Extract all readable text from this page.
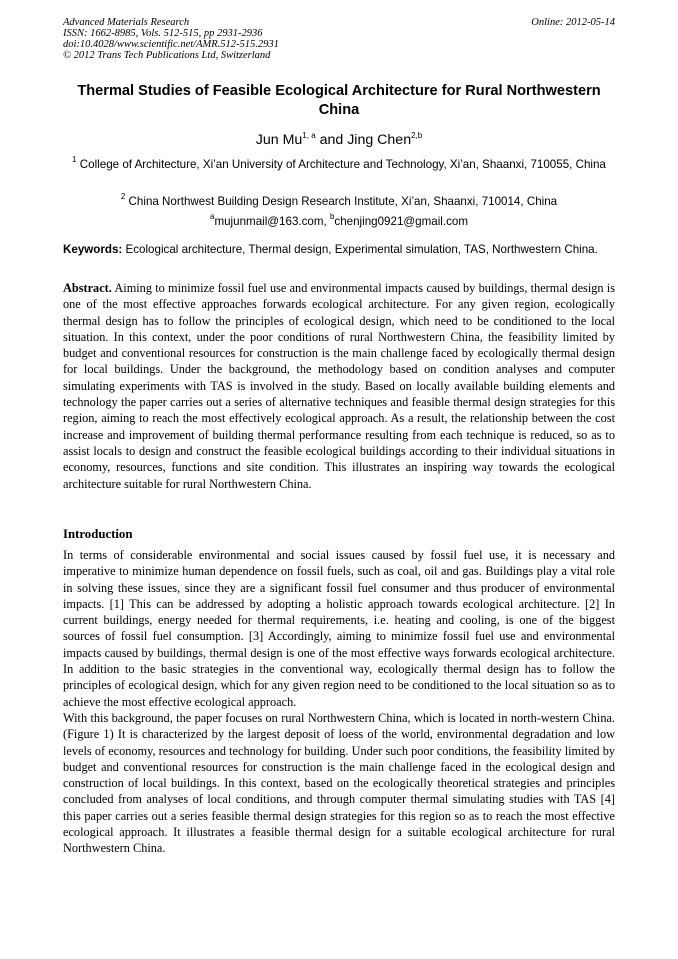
Advanced Materials Research
ISSN: 1662-8985, Vols. 512-515, pp 2931-2936
doi:10.4028/www.scientific.net/AMR.512-515.2931
© 2012 Trans Tech Publications Ltd, Switzerland
Online: 2012-05-14
Thermal Studies of Feasible Ecological Architecture for Rural Northwestern China
Jun Mu$^{1, a}$ and Jing Chen$^{2,b}$
$^1$ College of Architecture, Xi’an University of Architecture and Technology, Xi’an, Shaanxi, 710055, China
$^2$ China Northwest Building Design Research Institute, Xi’an, Shaanxi, 710014, China
$^a$mujunmail@163.com, $^b$chenjing0921@gmail.com
Keywords: Ecological architecture, Thermal design, Experimental simulation, TAS, Northwestern China.
Abstract. Aiming to minimize fossil fuel use and environmental impacts caused by buildings, thermal design is one of the most effective approaches forwards ecological architecture. For any given region, ecologically thermal design has to follow the principles of ecological design, which need to be conditioned to the local situation. In this context, under the poor conditions of rural Northwestern China, the feasibility limited by budget and conventional resources for construction is the main challenge faced by ecologically thermal design for local buildings. Under the background, the methodology based on condition analyses and computer simulating experiments with TAS is involved in the study. Based on locally available building elements and technology the paper carries out a series of alternative techniques and feasible thermal design strategies for this region, aiming to reach the most effectively ecological approach. As a result, the relationship between the cost increase and improvement of building thermal performance resulting from each technique is reduced, so as to assist locals to design and construct the feasible ecological buildings according to their individual situations in economy, resources, functions and site condition. This illustrates an inspiring way towards the ecological architecture suitable for rural Northwestern China.
Introduction

In terms of considerable environmental and social issues caused by fossil fuel use, it is necessary and imperative to minimize human dependence on fossil fuels, such as coal, oil and gas. Buildings play a vital role in solving these issues, since they are a significant fossil fuel consumer and thus producer of environmental impacts. [1] This can be addressed by adopting a holistic approach towards ecological architecture. [2] In current buildings, energy needed for thermal requirements, i.e. heating and cooling, is one of the biggest sources of fossil fuel consumption. [3] Accordingly, aiming to minimize fossil fuel use and environmental impacts caused by buildings, thermal design is one of the most effective ways forwards ecological architecture. In addition to the basic strategies in the conventional way, ecologically thermal design has to follow the principles of ecological design, which for any given region need to be conditioned to the local situation so as to achieve the most effective ecological approach.

With this background, the paper focuses on rural Northwestern China, which is located in north-western China. (Figure 1) It is characterized by the largest deposit of loess of the world, environmental degradation and low levels of economy, resources and technology for building. Under such poor conditions, the feasibility limited by budget and conventional resources for construction is the main challenge faced in the ecological design and construction of local buildings. In this context, based on the ecologically theoretical strategies and principles concluded from analyses of local conditions, and through computer thermal simulating studies with TAS [4] this paper carries out a series feasible thermal design strategies for this region so as to reach the most effective ecological approach. It illustrates a feasible thermal design for a suitable ecological architecture for rural Northwestern China.
